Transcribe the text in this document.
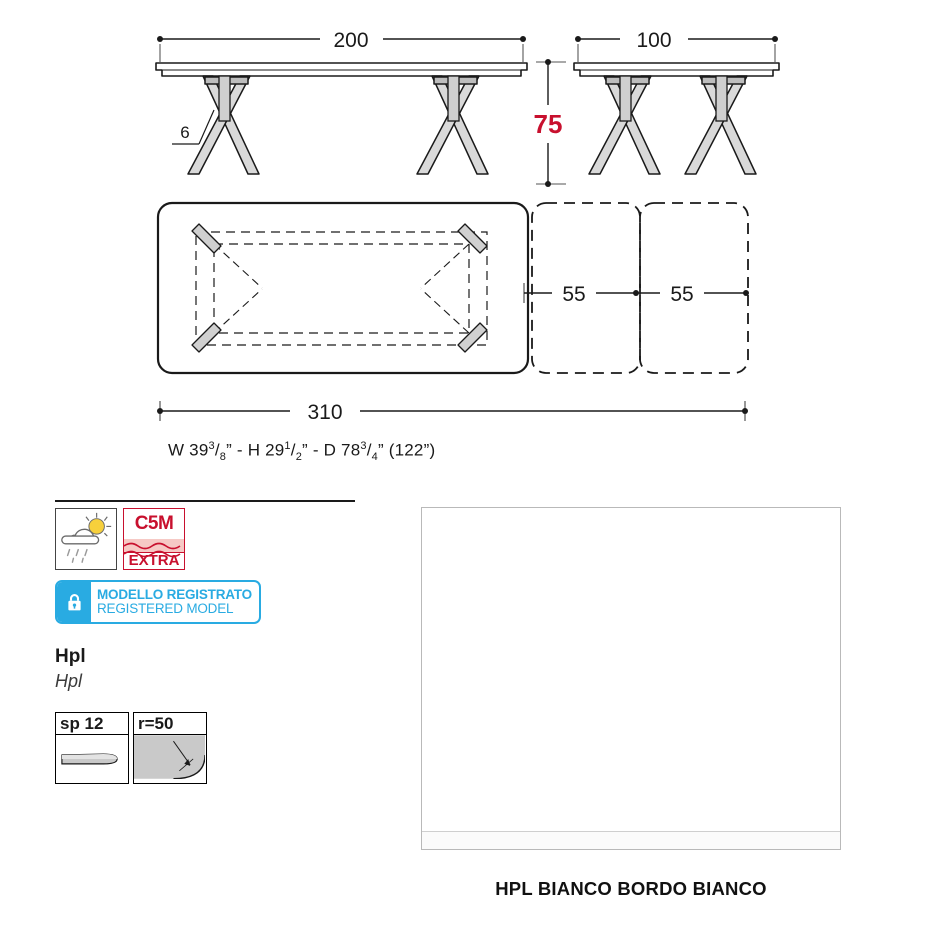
200
6
100
75
55	55
310
W $39^3/_8$” - H $29^1/_2$” - D $78^3/_4$” (122”)
C5M
EXTRA
MODELLO REGISTRATO
REGISTERED MODEL
Hpl
Hpl
sp 12	r=50
HPL BIANCO BORDO BIANCO
